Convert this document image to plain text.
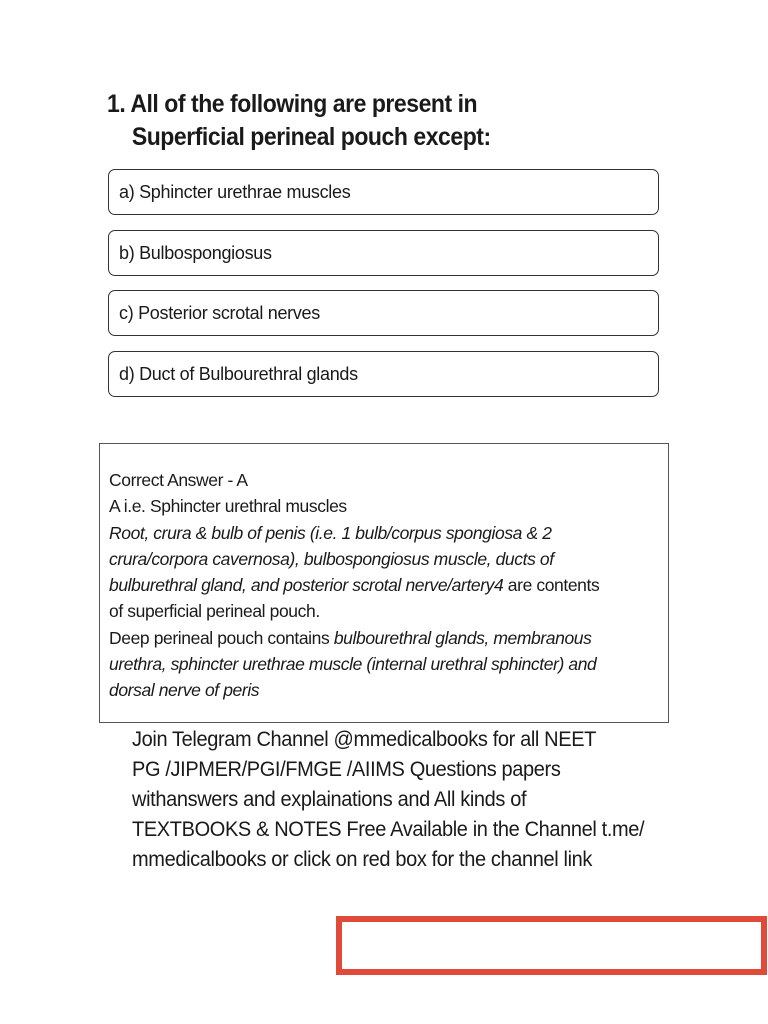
1. All of the following are present in
Superficial perineal pouch except:
a) Sphincter urethrae muscles
b) Bulbospongiosus
c) Posterior scrotal nerves
d) Duct of Bulbourethral glands
Correct Answer - A
A i.e. Sphincter urethral muscles
Root, crura & bulb of penis (i.e. 1 bulb/corpus spongiosa & 2
crura/corpora cavernosa), bulbospongiosus muscle, ducts of
bulburethral gland, and posterior scrotal nerve/artery4 are contents
of superficial perineal pouch.
Deep perineal pouch contains bulbourethral glands, membranous
urethra, sphincter urethrae muscle (internal urethral sphincter) and
dorsal nerve of peris
Join Telegram Channel @mmedicalbooks for all NEET
PG /JIPMER/PGI/FMGE /AIIMS Questions papers
withanswers and explainations and All kinds of
TEXTBOOKS & NOTES Free Available in the Channel t.me/
mmedicalbooks or click on red box for the channel link
